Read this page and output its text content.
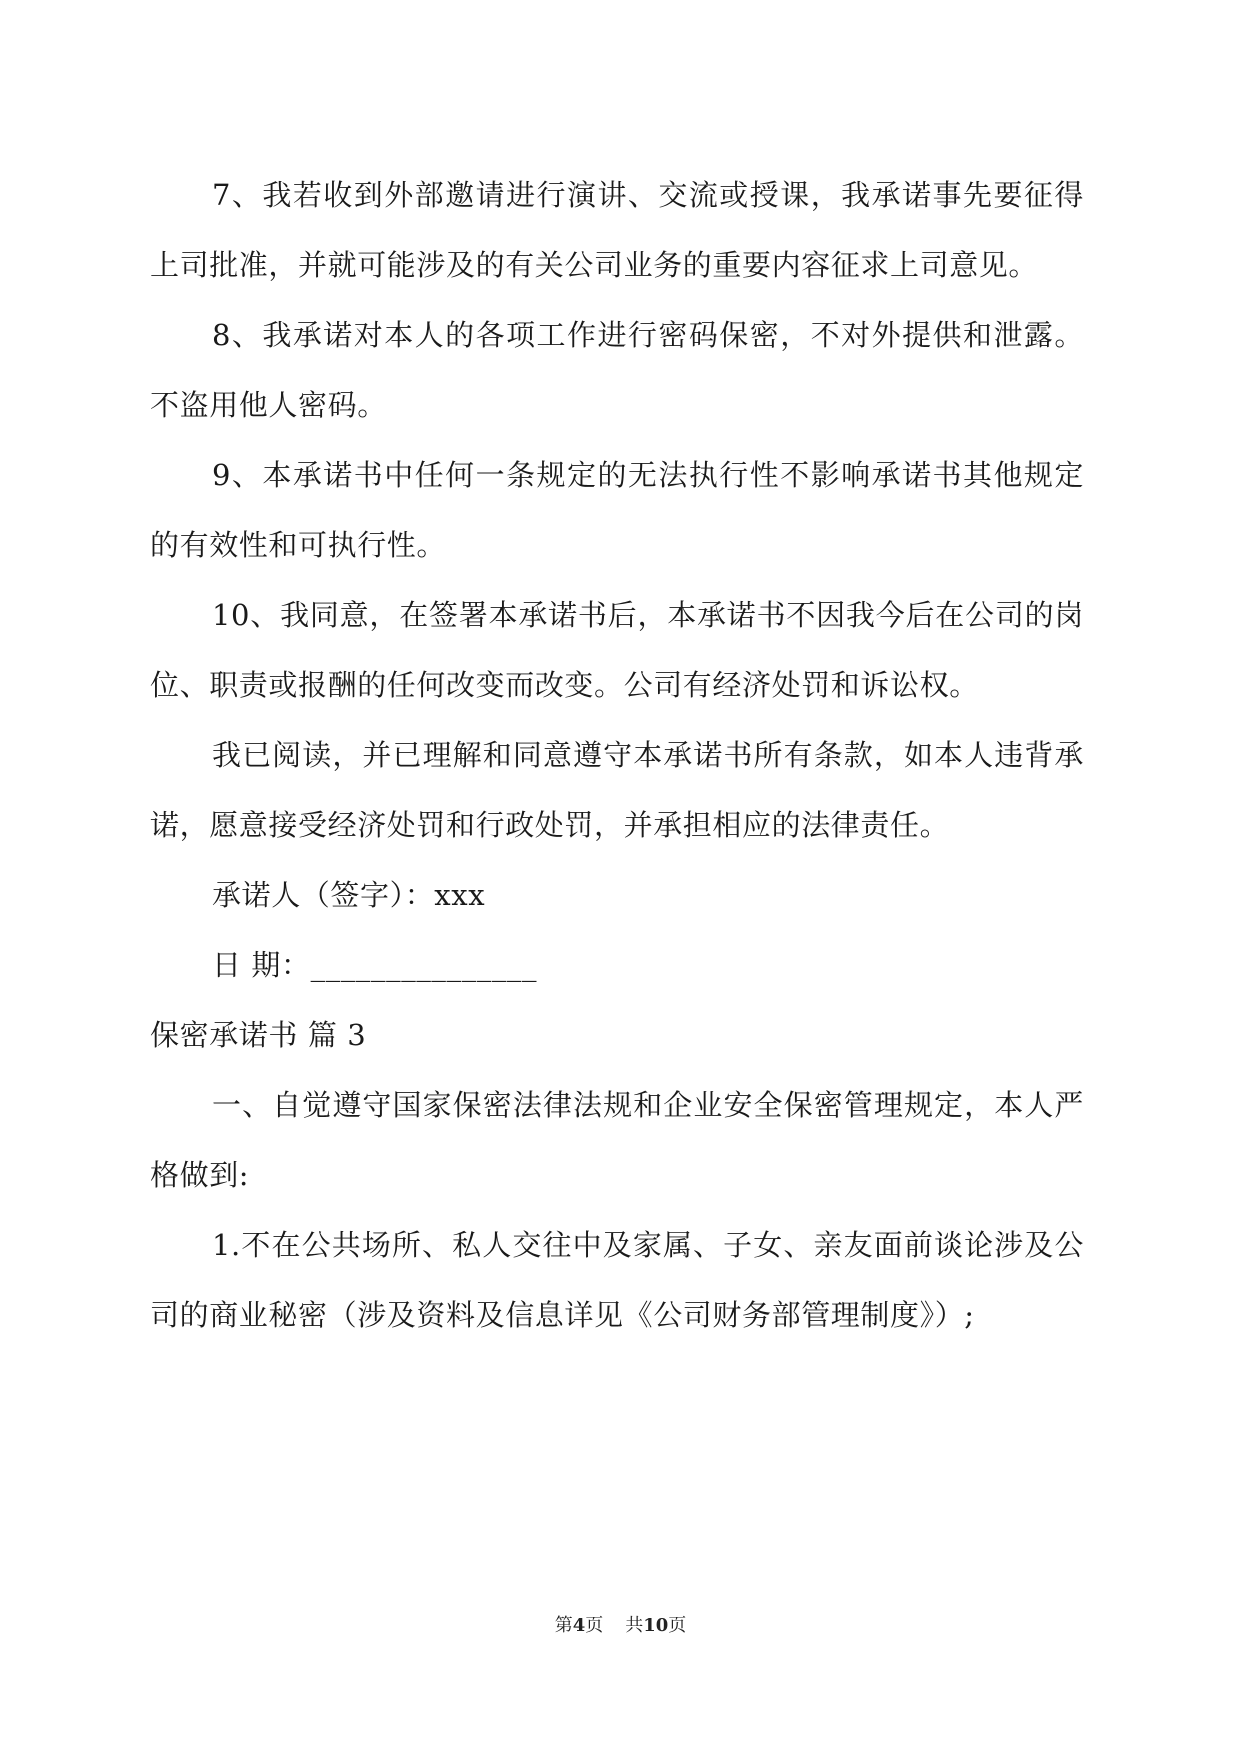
7、我若收到外部邀请进行演讲、交流或授课，我承诺事先要征得上司批准，并就可能涉及的有关公司业务的重要内容征求上司意见。

8、我承诺对本人的各项工作进行密码保密，不对外提供和泄露。不盗用他人密码。

9、本承诺书中任何一条规定的无法执行性不影响承诺书其他规定的有效性和可执行性。

10、我同意，在签署本承诺书后，本承诺书不因我今后在公司的岗位、职责或报酬的任何改变而改变。公司有经济处罚和诉讼权。

我已阅读，并已理解和同意遵守本承诺书所有条款，如本人违背承诺，愿意接受经济处罚和行政处罚，并承担相应的法律责任。

承诺人（签字）：xxx

日 期：_______________

保密承诺书 篇 3

一、自觉遵守国家保密法律法规和企业安全保密管理规定，本人严格做到:

1.不在公共场所、私人交往中及家属、子女、亲友面前谈论涉及公司的商业秘密（涉及资料及信息详见《公司财务部管理制度》）;

第4页 共10页
